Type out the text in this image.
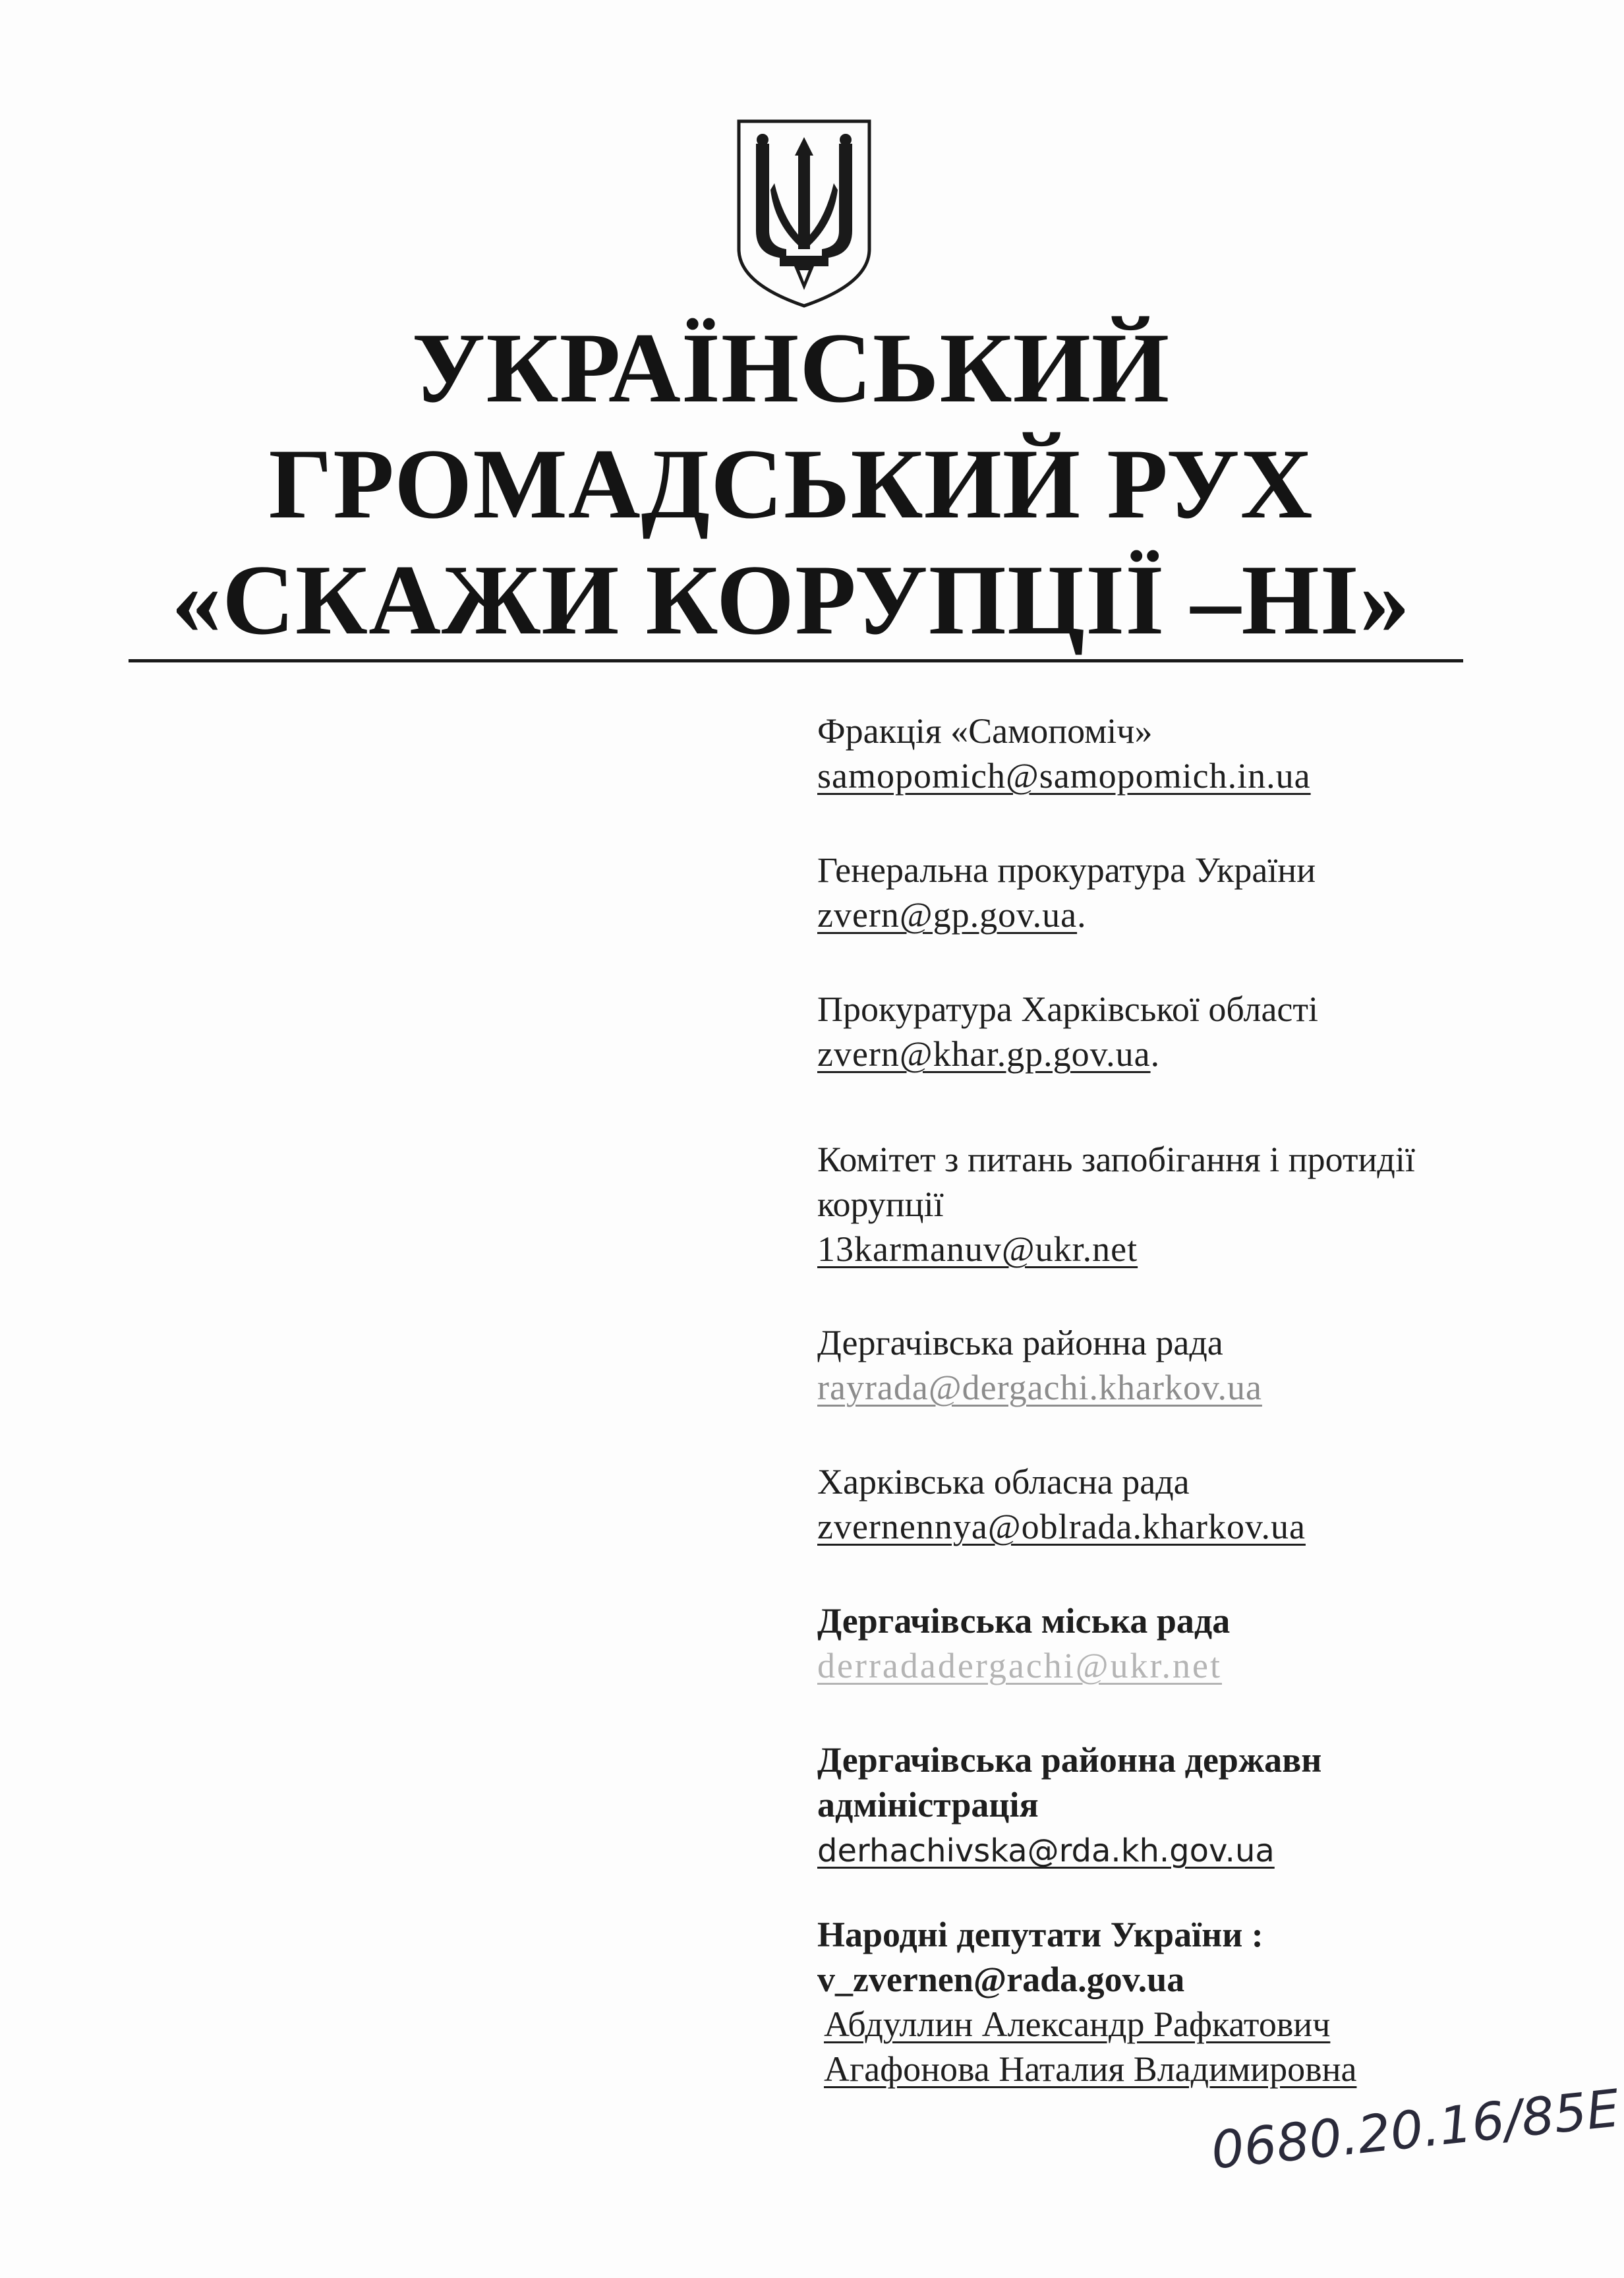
УКРАЇНСЬКИЙ
ГРОМАДСЬКИЙ РУХ
«СКАЖИ КОРУПЦІЇ –НІ»
Фракція «Самопоміч»
samopomich@samopomich.in.ua
Генеральна прокуратура України
zvern@gp.gov.ua.
Прокуратура Харківської області
zvern@khar.gp.gov.ua.
Комітет з питань запобігання і протидії
корупції
13karmanuv@ukr.net
Дергачівська районна рада
rayrada@dergachi.kharkov.ua
Харківська обласна рада
zvernennya@oblrada.kharkov.ua
Дергачівська міська рада
derradadergachi@ukr.net
Дергачівська районна державн
адміністрація
derhachivska@rda.kh.gov.ua
Народні депутати України :
v_zvernen@rada.gov.ua
Абдуллин Александр Рафкатович
Агафонова Наталия Владимировна
0680.20.16/85Е
